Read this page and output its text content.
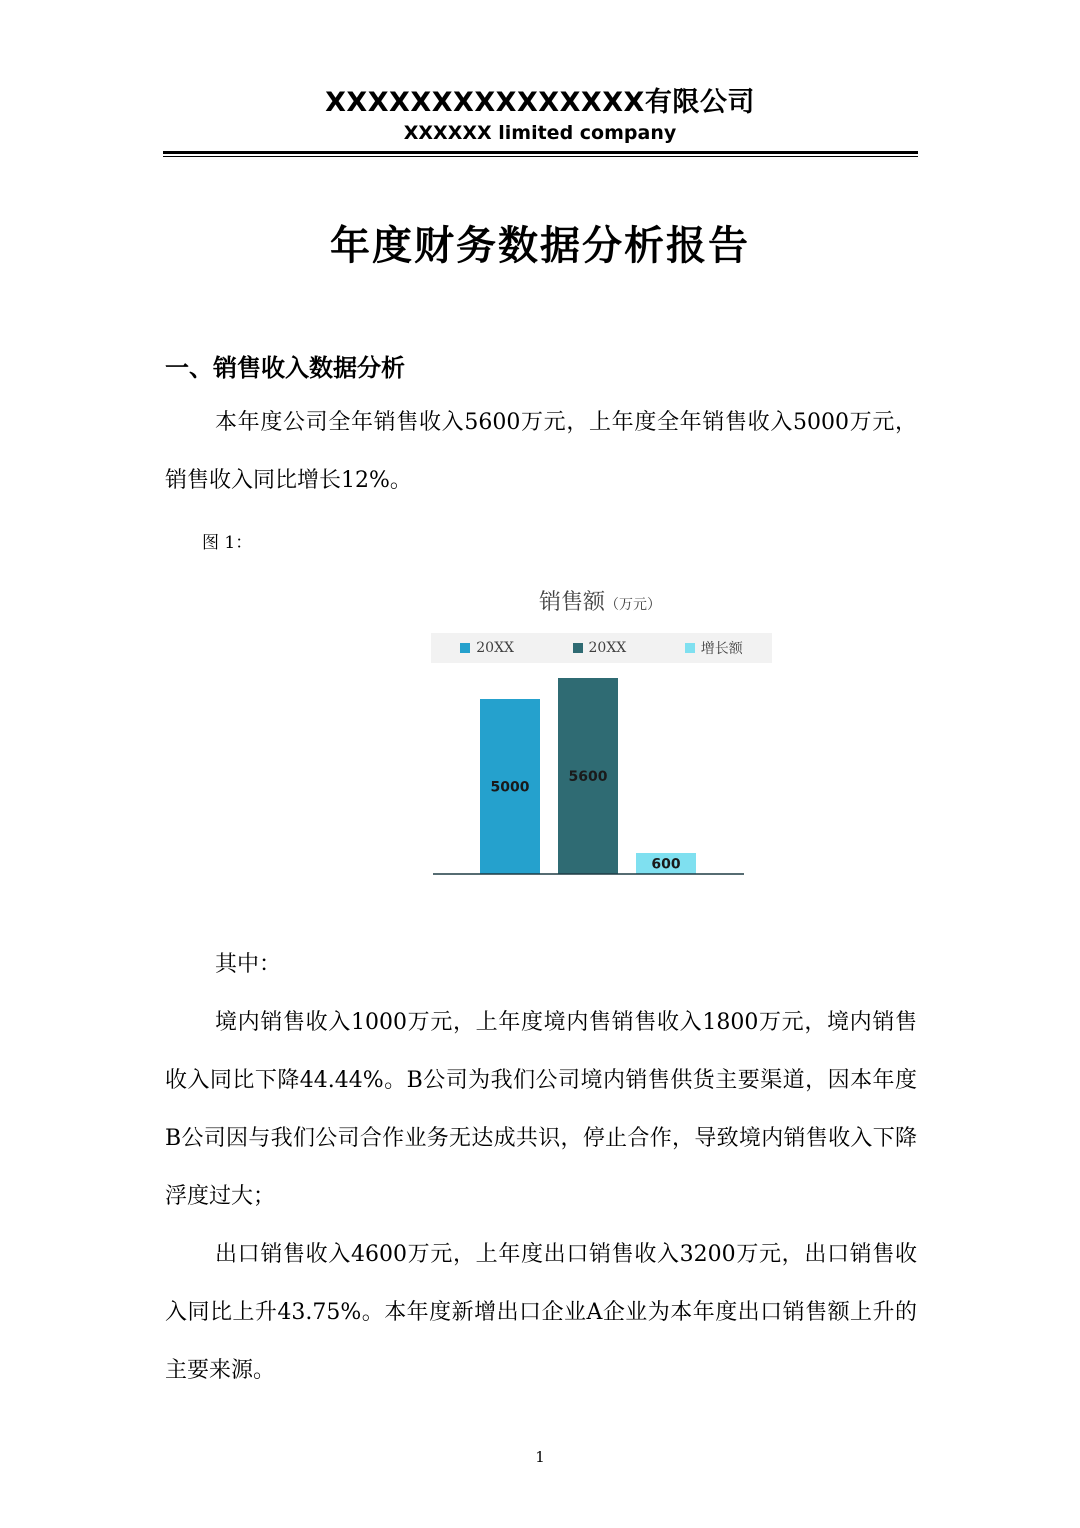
XXXXXXXXXXXXXXX有限公司
XXXXXX limited company
年度财务数据分析报告
一、销售收入数据分析

本年度公司全年销售收入5600万元，上年度全年销售收入5000万元，销售收入同比增长12%。

图 1：
销售额（万元）
20XX	20XX	增长额
5000
5600
600

其中：

境内销售收入1000万元，上年度境内售销售收入1800万元，境内销售收入同比下降44.44%。B公司为我们公司境内销售供货主要渠道，因本年度B公司因与我们公司合作业务无达成共识，停止合作，导致境内销售收入下降浮度过大；

出口销售收入4600万元，上年度出口销售收入3200万元，出口销售收入同比上升43.75%。本年度新增出口企业A企业为本年度出口销售额上升的主要来源。

1
